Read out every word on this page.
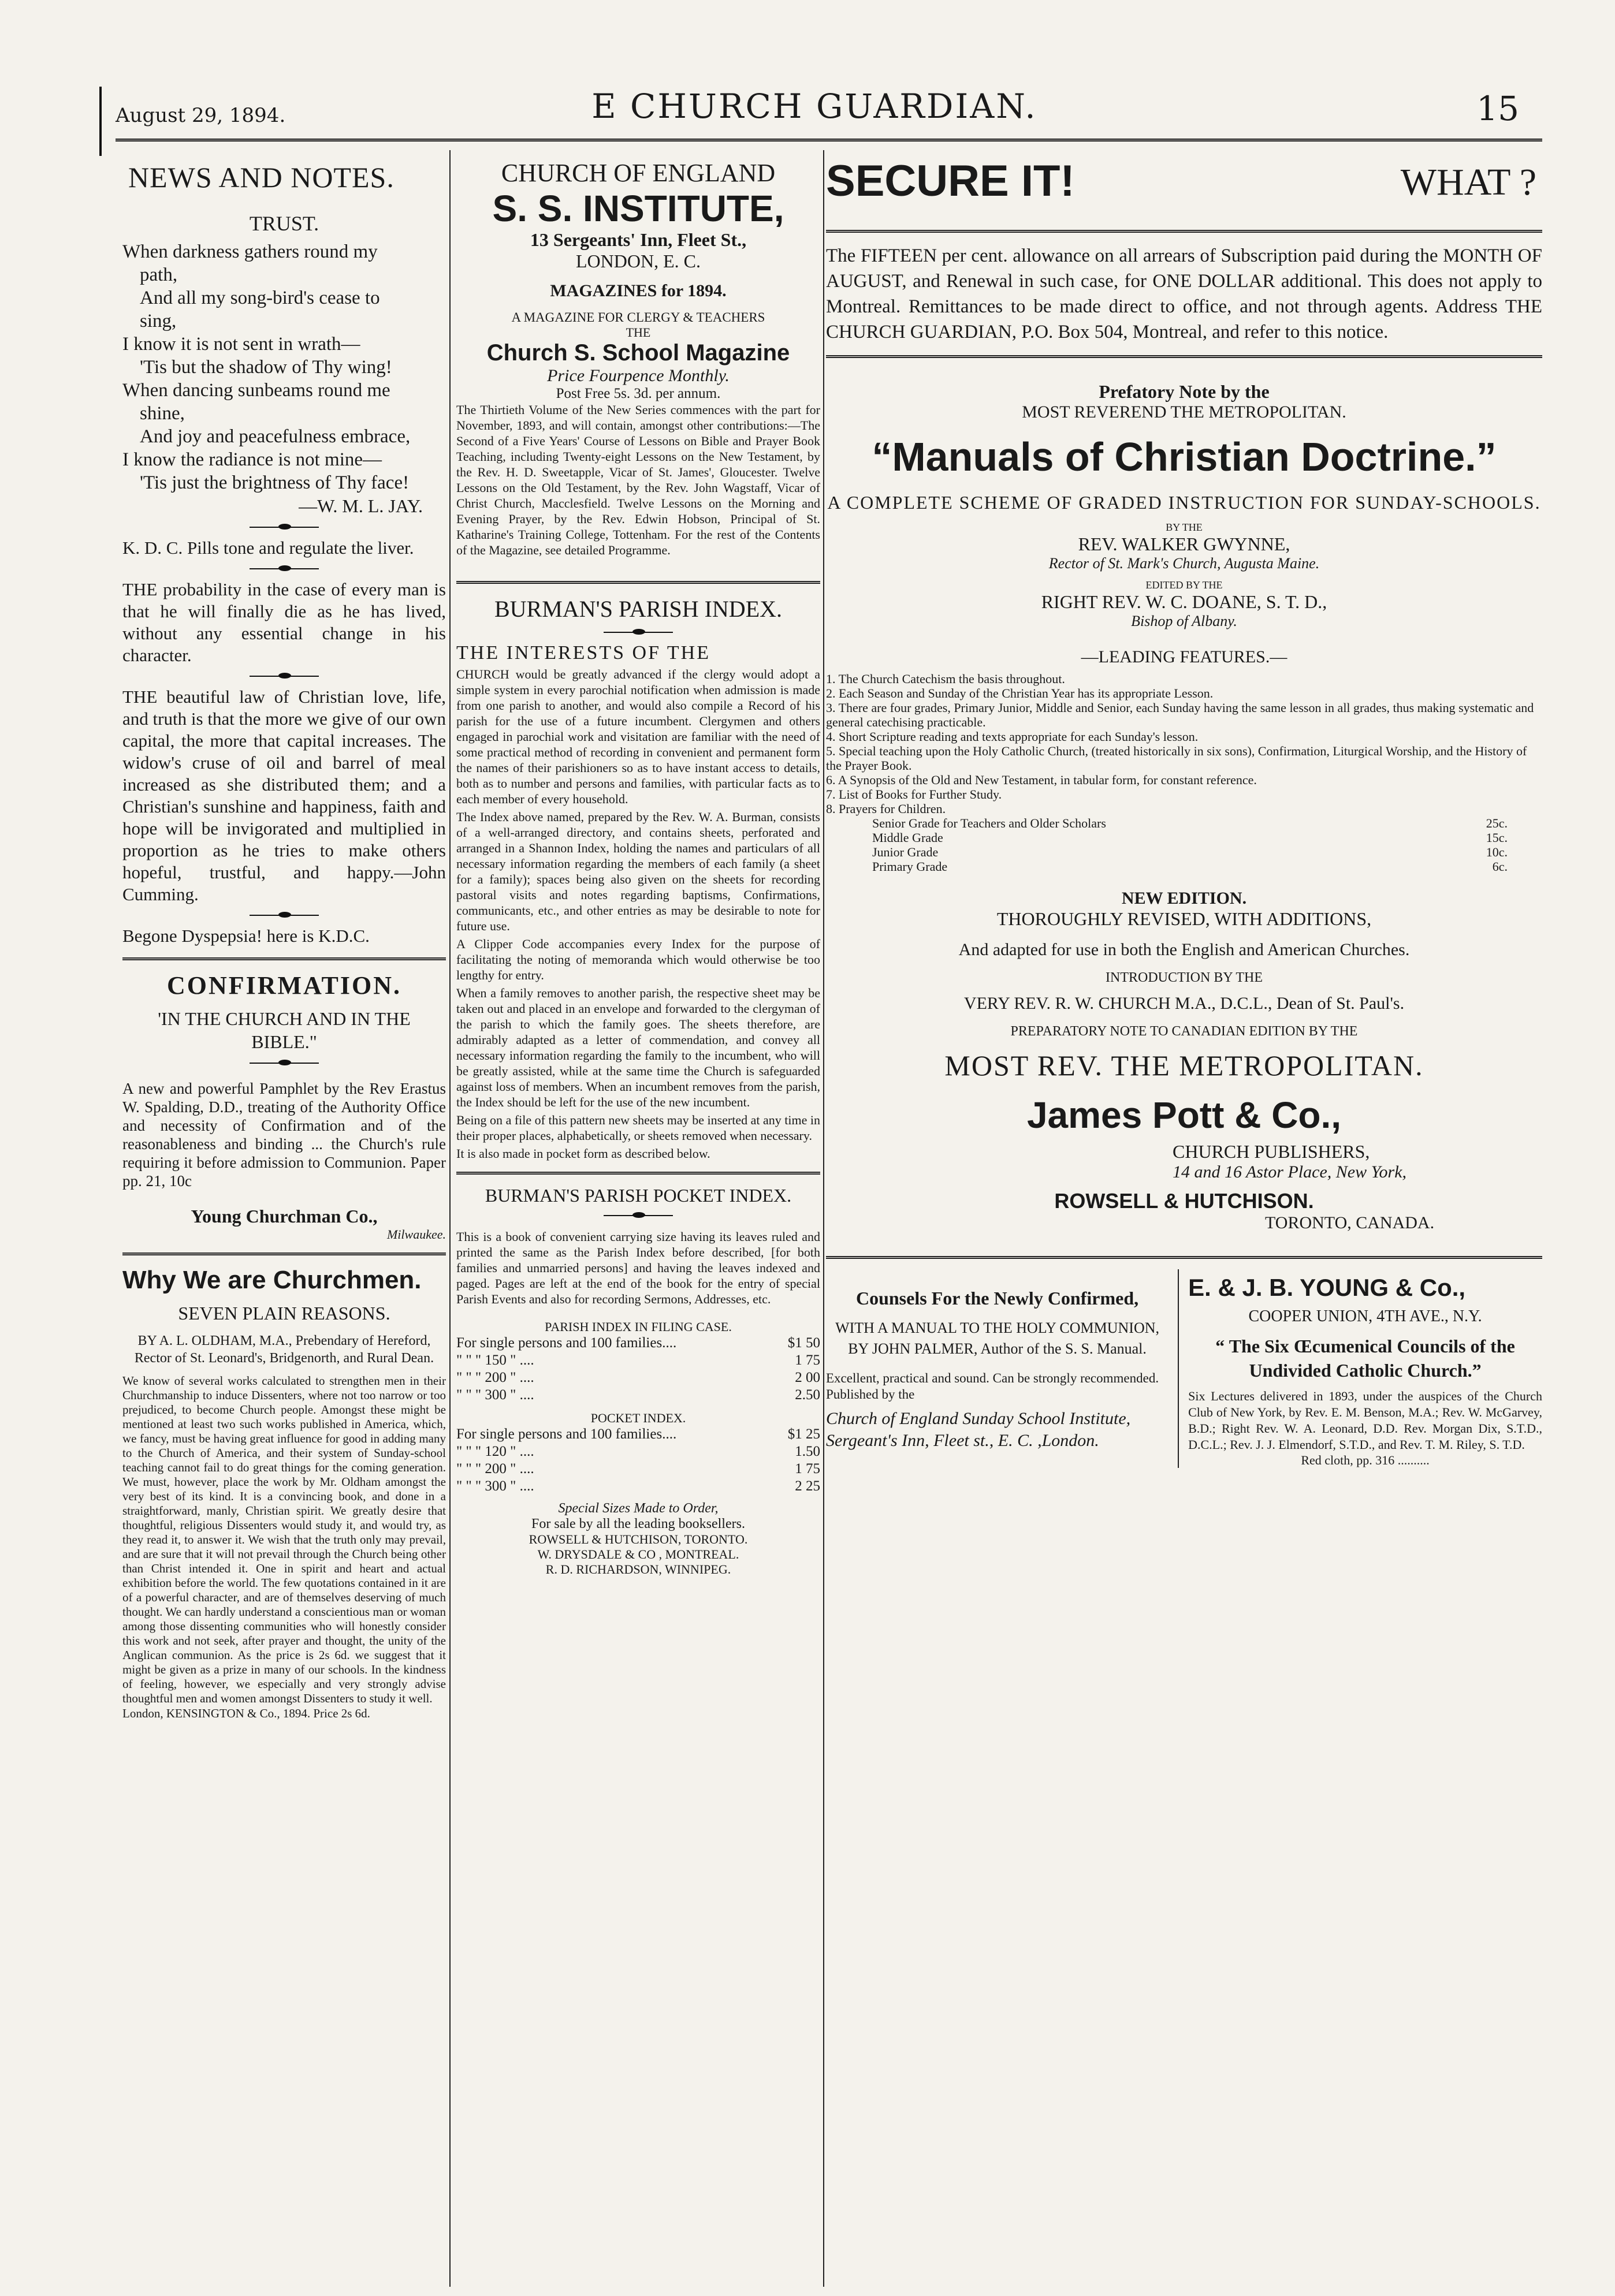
August 29, 1894.	E CHURCH GUARDIAN.	15
NEWS AND NOTES.
TRUST.

When darkness gathers round my

path,

And all my song-bird's cease to

sing,

I know it is not sent in wrath—

'Tis but the shadow of Thy wing!

When dancing sunbeams round me

shine,

And joy and peacefulness embrace,

I know the radiance is not mine—

'Tis just the brightness of Thy face!

—W. M. L. JAY.

K. D. C. Pills tone and regulate the liver.

THE probability in the case of every man is that he will finally die as he has lived, without any essential change in his character.

THE beautiful law of Christian love, life, and truth is that the more we give of our own capital, the more that capital increases. The widow's cruse of oil and barrel of meal increased as she distributed them; and a Christian's sunshine and happiness, faith and hope will be invigorated and multiplied in proportion as he tries to make others hopeful, trustful, and happy.—John Cumming.

Begone Dyspepsia! here is K.D.C.

CONFIRMATION.
'IN THE CHURCH AND IN THE BIBLE."

A new and powerful Pamphlet by the Rev Erastus W. Spalding, D.D., treating of the Authority Office and necessity of Confirmation and of the reasonableness and binding ... the Church's rule requiring it before admission to Communion. Paper pp. 21, 10c

Young Churchman Co.,
Milwaukee.
Why We are Churchmen.
SEVEN PLAIN REASONS.
BY A. L. OLDHAM, M.A., Prebendary of Hereford, Rector of St. Leonard's, Bridgenorth, and Rural Dean.
We know of several works calculated to strengthen men in their Churchmanship to induce Dissenters, where not too narrow or too prejudiced, to become Church people. Amongst these might be mentioned at least two such works published in America, which, we fancy, must be having great influence for good in adding many to the Church of America, and their system of Sunday-school teaching cannot fail to do great things for the coming generation. We must, however, place the work by Mr. Oldham amongst the very best of its kind. It is a convincing book, and done in a straightforward, manly, Christian spirit. We greatly desire that thoughtful, religious Dissenters would study it, and would try, as they read it, to answer it. We wish that the truth only may prevail, and are sure that it will not prevail through the Church being other than Christ intended it. One in spirit and heart and actual exhibition before the world. The few quotations contained in it are of a powerful character, and are of themselves deserving of much thought. We can hardly understand a conscientious man or woman among those dissenting communities who will honestly consider this work and not seek, after prayer and thought, the unity of the Anglican communion. As the price is 2s 6d. we suggest that it might be given as a prize in many of our schools. In the kindness of feeling, however, we especially and very strongly advise thoughtful men and women amongst Dissenters to study it well.
London, KENSINGTON & Co., 1894. Price 2s 6d.
CHURCH OF ENGLAND
S. S. INSTITUTE,
13 Sergeants' Inn, Fleet St.,
LONDON, E. C.
MAGAZINES for 1894.
A MAGAZINE FOR CLERGY & TEACHERS
THE
Church S. School Magazine
Price Fourpence Monthly.
Post Free 5s. 3d. per annum.
The Thirtieth Volume of the New Series commences with the part for November, 1893, and will contain, amongst other contributions:—The Second of a Five Years' Course of Lessons on Bible and Prayer Book Teaching, including Twenty-eight Lessons on the New Testament, by the Rev. H. D. Sweetapple, Vicar of St. James', Gloucester. Twelve Lessons on the Old Testament, by the Rev. John Wagstaff, Vicar of Christ Church, Macclesfield. Twelve Lessons on the Morning and Evening Prayer, by the Rev. Edwin Hobson, Principal of St. Katharine's Training College, Tottenham. For the rest of the Contents of the Magazine, see detailed Programme.
BURMAN'S PARISH INDEX.
THE INTERESTS OF THE

CHURCH would be greatly advanced if the clergy would adopt a simple system in every parochial notification when admission is made from one parish to another, and would also compile a Record of his parish for the use of a future incumbent. Clergymen and others engaged in parochial work and visitation are familiar with the need of some practical method of recording in convenient and permanent form the names of their parishioners so as to have instant access to details, both as to number and persons and families, with particular facts as to each member of every household.

The Index above named, prepared by the Rev. W. A. Burman, consists of a well-arranged directory, and contains sheets, perforated and arranged in a Shannon Index, holding the names and particulars of all necessary information regarding the members of each family (a sheet for a family); spaces being also given on the sheets for recording pastoral visits and notes regarding baptisms, Confirmations, communicants, etc., and other entries as may be desirable to note for future use.

A Clipper Code accompanies every Index for the purpose of facilitating the noting of memoranda which would otherwise be too lengthy for entry.

When a family removes to another parish, the respective sheet may be taken out and placed in an envelope and forwarded to the clergyman of the parish to which the family goes. The sheets therefore, are admirably adapted as a letter of commendation, and convey all necessary information regarding the family to the incumbent, who will be greatly assisted, while at the same time the Church is safeguarded against loss of members. When an incumbent removes from the parish, the Index should be left for the use of the new incumbent.

Being on a file of this pattern new sheets may be inserted at any time in their proper places, alphabetically, or sheets removed when necessary.

It is also made in pocket form as described below.

BURMAN'S PARISH POCKET INDEX.

This is a book of convenient carrying size having its leaves ruled and printed the same as the Parish Index before described, [for both families and unmarried persons] and having the leaves indexed and paged. Pages are left at the end of the book for the entry of special Parish Events and also for recording Sermons, Addresses, etc.

PARISH INDEX IN FILING CASE.
For single persons and 100 families....	$1 50
" " " 150 " ....	1 75
" " " 200 " ....	2 00
" " " 300 " ....	2.50
POCKET INDEX.
For single persons and 100 families....	$1 25
" " " 120 " ....	1.50
" " " 200 " ....	1 75
" " " 300 " ....	2 25
Special Sizes Made to Order,
For sale by all the leading booksellers.
ROWSELL & HUTCHISON, TORONTO.
W. DRYSDALE & CO , MONTREAL.
R. D. RICHARDSON, WINNIPEG.
SECURE IT!	WHAT ?

The FIFTEEN per cent. allowance on all arrears of Subscription paid during the MONTH OF AUGUST, and Renewal in such case, for ONE DOLLAR additional. This does not apply to Montreal. Remittances to be made direct to office, and not through agents. Address THE CHURCH GUARDIAN, P.O. Box 504, Montreal, and refer to this notice.

Prefatory Note by the
MOST REVEREND THE METROPOLITAN.
“Manuals of Christian Doctrine.”
A COMPLETE SCHEME OF GRADED INSTRUCTION FOR SUNDAY-SCHOOLS.
BY THE
REV. WALKER GWYNNE,
Rector of St. Mark's Church, Augusta Maine.
EDITED BY THE
RIGHT REV. W. C. DOANE, S. T. D.,
Bishop of Albany.
—LEADING FEATURES.—
1. The Church Catechism the basis throughout.
2. Each Season and Sunday of the Christian Year has its appropriate Lesson.
3. There are four grades, Primary Junior, Middle and Senior, each Sunday having the same lesson in all grades, thus making systematic and general catechising practicable.
4. Short Scripture reading and texts appropriate for each Sunday's lesson.
5. Special teaching upon the Holy Catholic Church, (treated historically in six sons), Confirmation, Liturgical Worship, and the History of the Prayer Book.
6. A Synopsis of the Old and New Testament, in tabular form, for constant reference.
7. List of Books for Further Study.
8. Prayers for Children.
Senior Grade for Teachers and Older Scholars	25c.
Middle Grade	15c.
Junior Grade	10c.
Primary Grade	6c.
NEW EDITION.
THOROUGHLY REVISED, WITH ADDITIONS,
And adapted for use in both the English and American Churches.
INTRODUCTION BY THE
VERY REV. R. W. CHURCH M.A., D.C.L., Dean of St. Paul's.
PREPARATORY NOTE TO CANADIAN EDITION BY THE
MOST REV. THE METROPOLITAN.
James Pott & Co.,
CHURCH PUBLISHERS,
14 and 16 Astor Place, New York,
ROWSELL & HUTCHISON.
TORONTO, CANADA.
Counsels For the Newly Confirmed,
WITH A MANUAL TO THE HOLY COMMUNION, BY JOHN PALMER, Author of the S. S. Manual.
Excellent, practical and sound. Can be strongly recommended.
Published by the
Church of England Sunday School Institute, Sergeant's Inn, Fleet st., E. C. ,London.
E. & J. B. YOUNG & Co.,
COOPER UNION, 4TH AVE., N.Y.
“ The Six Œcumenical Councils of the Undivided Catholic Church.”
Six Lectures delivered in 1893, under the auspices of the Church Club of New York, by Rev. E. M. Benson, M.A.; Rev. W. McGarvey, B.D.; Right Rev. W. A. Leonard, D.D. Rev. Morgan Dix, S.T.D., D.C.L.; Rev. J. J. Elmendorf, S.T.D., and Rev. T. M. Riley, S. T.D.
Red cloth, pp. 316 ..........
